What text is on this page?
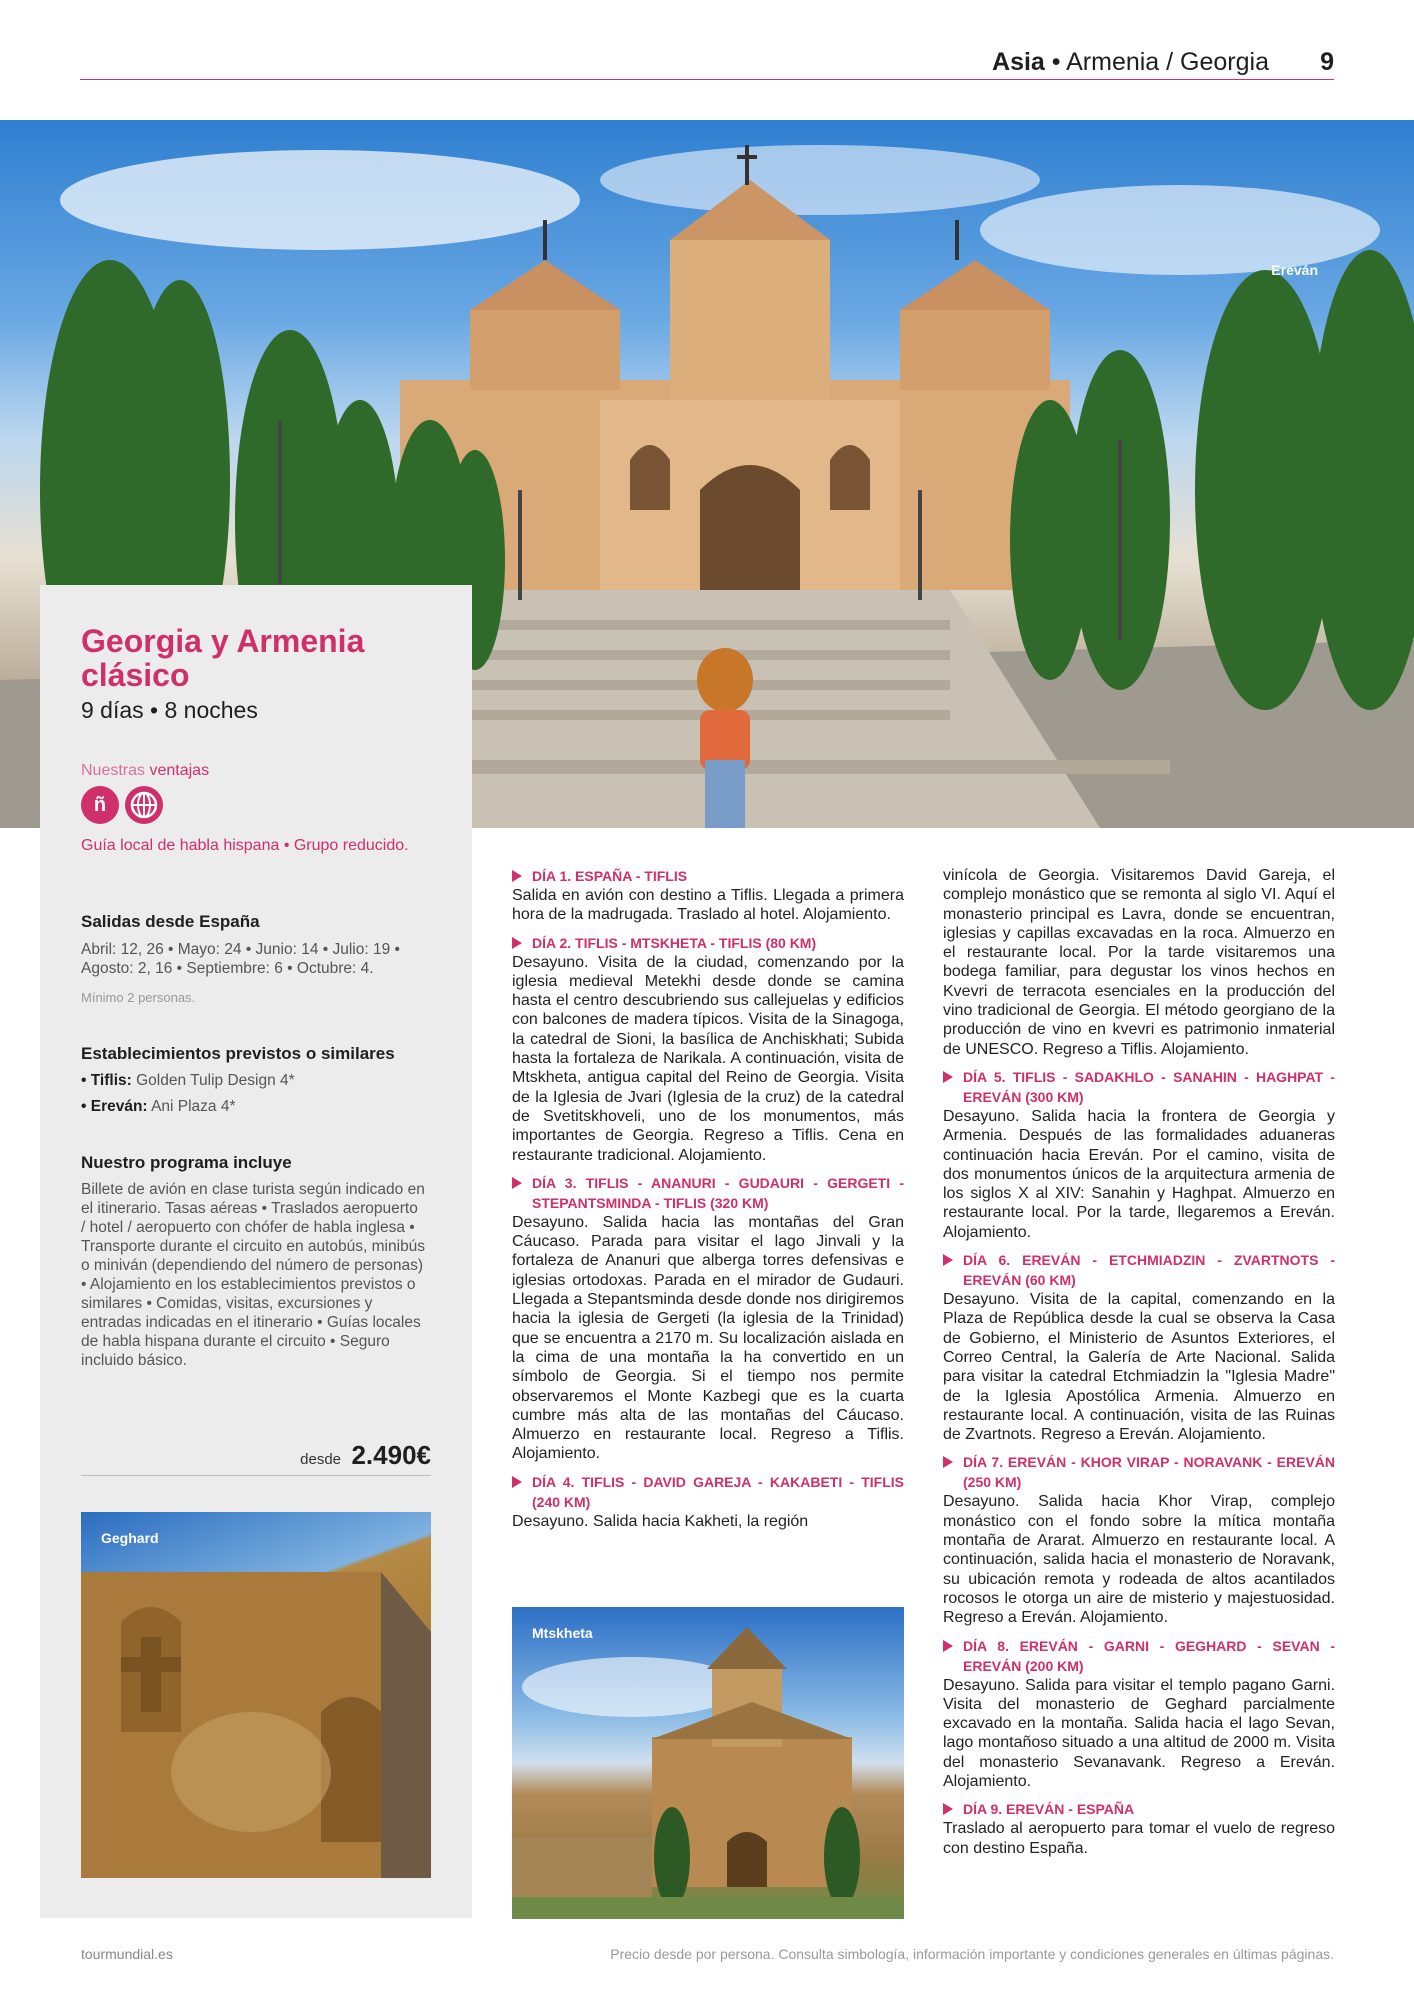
Asia • Armenia / Georgia 9
Ereván
Georgia y Armenia clásico
9 días • 8 noches
Nuestras ventajas
ñ
Guía local de habla hispana • Grupo reducido.
Salidas desde España
Abril: 12, 26 • Mayo: 24 • Junio: 14 • Julio: 19 • Agosto: 2, 16 • Septiembre: 6 • Octubre: 4.
Mínimo 2 personas.
Establecimientos previstos o similares
• Tiflis: Golden Tulip Design 4*
• Ereván: Ani Plaza 4*
Nuestro programa incluye
Billete de avión en clase turista según indicado en el itinerario. Tasas aéreas • Traslados aeropuerto / hotel / aeropuerto con chófer de habla inglesa • Transporte durante el circuito en autobús, minibús o miniván (dependiendo del número de personas) • Alojamiento en los establecimientos previstos o similares • Comidas, visitas, excursiones y entradas indicadas en el itinerario • Guías locales de habla hispana durante el circuito • Seguro incluido básico.
desde 2.490€
Geghard
Mtskheta
DÍA 1. ESPAÑA - TIFLIS
Salida en avión con destino a Tiflis. Llegada a primera hora de la madrugada. Traslado al hotel. Alojamiento.
DÍA 2. TIFLIS - MTSKHETA - TIFLIS (80 KM)
Desayuno. Visita de la ciudad, comenzando por la iglesia medieval Metekhi desde donde se camina hasta el centro descubriendo sus callejuelas y edificios con balcones de madera típicos. Visita de la Sinagoga, la catedral de Sioni, la basílica de Anchiskhati; Subida hasta la fortaleza de Narikala. A continuación, visita de Mtskheta, antigua capital del Reino de Georgia. Visita de la Iglesia de Jvari (Iglesia de la cruz) de la catedral de Svetitskhoveli, uno de los monumentos, más importantes de Georgia. Regreso a Tiflis. Cena en restaurante tradicional. Alojamiento.
DÍA 3. TIFLIS - ANANURI - GUDAURI - GERGETI - STEPANTSMINDA - TIFLIS (320 KM)
Desayuno. Salida hacia las montañas del Gran Cáucaso. Parada para visitar el lago Jinvali y la fortaleza de Ananuri que alberga torres defensivas e iglesias ortodoxas. Parada en el mirador de Gudauri. Llegada a Stepantsminda desde donde nos dirigiremos hacia la iglesia de Gergeti (la iglesia de la Trinidad) que se encuentra a 2170 m. Su localización aislada en la cima de una montaña la ha convertido en un símbolo de Georgia. Si el tiempo nos permite observaremos el Monte Kazbegi que es la cuarta cumbre más alta de las montañas del Cáucaso. Almuerzo en restaurante local. Regreso a Tiflis. Alojamiento.
DÍA 4. TIFLIS - DAVID GAREJA - KAKABETI - TIFLIS (240 KM)
Desayuno. Salida hacia Kakheti, la región
vinícola de Georgia. Visitaremos David Gareja, el complejo monástico que se remonta al siglo VI. Aquí el monasterio principal es Lavra, donde se encuentran, iglesias y capillas excavadas en la roca. Almuerzo en el restaurante local. Por la tarde visitaremos una bodega familiar, para degustar los vinos hechos en Kvevri de terracota esenciales en la producción del vino tradicional de Georgia. El método georgiano de la producción de vino en kvevri es patrimonio inmaterial de UNESCO. Regreso a Tiflis. Alojamiento.
DÍA 5. TIFLIS - SADAKHLO - SANAHIN - HAGHPAT - EREVÁN (300 KM)
Desayuno. Salida hacia la frontera de Georgia y Armenia. Después de las formalidades aduaneras continuación hacia Ereván. Por el camino, visita de dos monumentos únicos de la arquitectura armenia de los siglos X al XIV: Sanahin y Haghpat. Almuerzo en restaurante local. Por la tarde, llegaremos a Ereván. Alojamiento.
DÍA 6. EREVÁN - ETCHMIADZIN - ZVARTNOTS - EREVÁN (60 KM)
Desayuno. Visita de la capital, comenzando en la Plaza de República desde la cual se observa la Casa de Gobierno, el Ministerio de Asuntos Exteriores, el Correo Central, la Galería de Arte Nacional. Salida para visitar la catedral Etchmiadzin la "Iglesia Madre" de la Iglesia Apostólica Armenia. Almuerzo en restaurante local. A continuación, visita de las Ruinas de Zvartnots. Regreso a Ereván. Alojamiento.
DÍA 7. EREVÁN - KHOR VIRAP - NORAVANK - EREVÁN (250 KM)
Desayuno. Salida hacia Khor Virap, complejo monástico con el fondo sobre la mítica montaña montaña de Ararat. Almuerzo en restaurante local. A continuación, salida hacia el monasterio de Noravank, su ubicación remota y rodeada de altos acantilados rocosos le otorga un aire de misterio y majestuosidad. Regreso a Ereván. Alojamiento.
DÍA 8. EREVÁN - GARNI - GEGHARD - SEVAN - EREVÁN (200 KM)
Desayuno. Salida para visitar el templo pagano Garni. Visita del monasterio de Geghard parcialmente excavado en la montaña. Salida hacia el lago Sevan, lago montañoso situado a una altitud de 2000 m. Visita del monasterio Sevanavank. Regreso a Ereván. Alojamiento.
DÍA 9. EREVÁN - ESPAÑA
Traslado al aeropuerto para tomar el vuelo de regreso con destino España.
tourmundial.es	Precio desde por persona. Consulta simbología, información importante y condiciones generales en últimas páginas.
